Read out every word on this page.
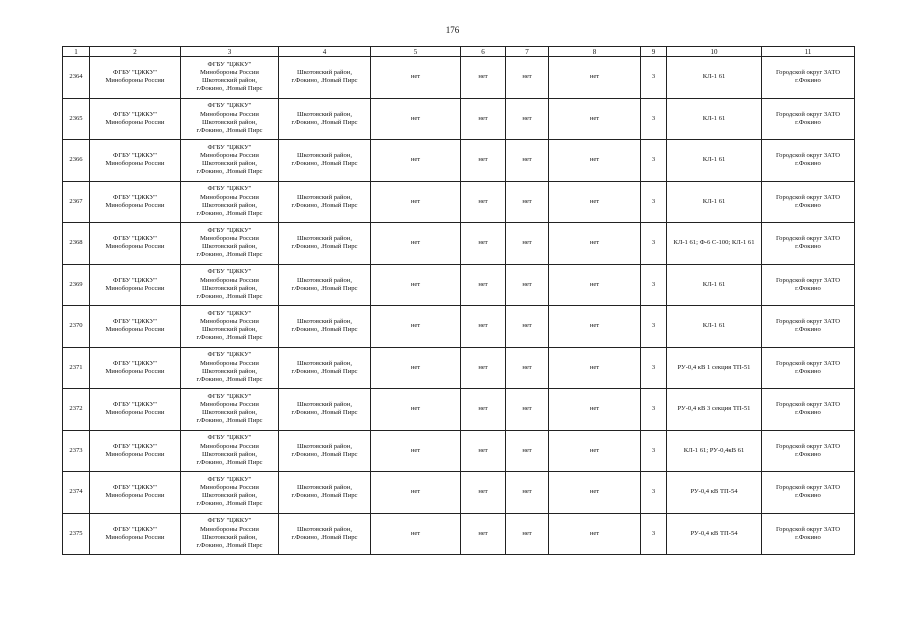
176
1	2	3	4	5	6	7	8	9	10	11
2364	ФГБУ "ЦЖКУ"
Минобороны России	ФГБУ "ЦЖКУ"
Минобороны России
Шкотовский район,
г.Фокино, .Новый Пирс	Шкотовский район,
г.Фокино, .Новый Пирс	нет	нет	нет	нет	3	КЛ-1 61	Городской округ ЗАТО г.Фокино
2365	ФГБУ "ЦЖКУ"
Минобороны России	ФГБУ "ЦЖКУ"
Минобороны России
Шкотовский район,
г.Фокино, .Новый Пирс	Шкотовский район,
г.Фокино, .Новый Пирс	нет	нет	нет	нет	3	КЛ-1 61	Городской округ ЗАТО г.Фокино
2366	ФГБУ "ЦЖКУ"
Минобороны России	ФГБУ "ЦЖКУ"
Минобороны России
Шкотовский район,
г.Фокино, .Новый Пирс	Шкотовский район,
г.Фокино, .Новый Пирс	нет	нет	нет	нет	3	КЛ-1 61	Городской округ ЗАТО г.Фокино
2367	ФГБУ "ЦЖКУ"
Минобороны России	ФГБУ "ЦЖКУ"
Минобороны России
Шкотовский район,
г.Фокино, .Новый Пирс	Шкотовский район,
г.Фокино, .Новый Пирс	нет	нет	нет	нет	3	КЛ-1 61	Городской округ ЗАТО г.Фокино
2368	ФГБУ "ЦЖКУ"
Минобороны России	ФГБУ "ЦЖКУ"
Минобороны России
Шкотовский район,
г.Фокино, .Новый Пирс	Шкотовский район,
г.Фокино, .Новый Пирс	нет	нет	нет	нет	3	КЛ-1 61; Ф-6 С-100; КЛ-1 61	Городской округ ЗАТО г.Фокино
2369	ФГБУ "ЦЖКУ"
Минобороны России	ФГБУ "ЦЖКУ"
Минобороны России
Шкотовский район,
г.Фокино, .Новый Пирс	Шкотовский район,
г.Фокино, .Новый Пирс	нет	нет	нет	нет	3	КЛ-1 61	Городской округ ЗАТО г.Фокино
2370	ФГБУ "ЦЖКУ"
Минобороны России	ФГБУ "ЦЖКУ"
Минобороны России
Шкотовский район,
г.Фокино, .Новый Пирс	Шкотовский район,
г.Фокино, .Новый Пирс	нет	нет	нет	нет	3	КЛ-1 61	Городской округ ЗАТО г.Фокино
2371	ФГБУ "ЦЖКУ"
Минобороны России	ФГБУ "ЦЖКУ"
Минобороны России
Шкотовский район,
г.Фокино, .Новый Пирс	Шкотовский район,
г.Фокино, .Новый Пирс	нет	нет	нет	нет	3	РУ-0,4 кВ 1 секция ТП-51	Городской округ ЗАТО г.Фокино
2372	ФГБУ "ЦЖКУ"
Минобороны России	ФГБУ "ЦЖКУ"
Минобороны России
Шкотовский район,
г.Фокино, .Новый Пирс	Шкотовский район,
г.Фокино, .Новый Пирс	нет	нет	нет	нет	3	РУ-0,4 кВ 3 секция ТП-51	Городской округ ЗАТО г.Фокино
2373	ФГБУ "ЦЖКУ"
Минобороны России	ФГБУ "ЦЖКУ"
Минобороны России
Шкотовский район,
г.Фокино, .Новый Пирс	Шкотовский район,
г.Фокино, .Новый Пирс	нет	нет	нет	нет	3	КЛ-1 61; РУ-0,4кВ 61	Городской округ ЗАТО г.Фокино
2374	ФГБУ "ЦЖКУ"
Минобороны России	ФГБУ "ЦЖКУ"
Минобороны России
Шкотовский район,
г.Фокино, .Новый Пирс	Шкотовский район,
г.Фокино, .Новый Пирс	нет	нет	нет	нет	3	РУ-0,4 кВ ТП-54	Городской округ ЗАТО г.Фокино
2375	ФГБУ "ЦЖКУ"
Минобороны России	ФГБУ "ЦЖКУ"
Минобороны России
Шкотовский район,
г.Фокино, .Новый Пирс	Шкотовский район,
г.Фокино, .Новый Пирс	нет	нет	нет	нет	3	РУ-0,4 кВ ТП-54	Городской округ ЗАТО г.Фокино
